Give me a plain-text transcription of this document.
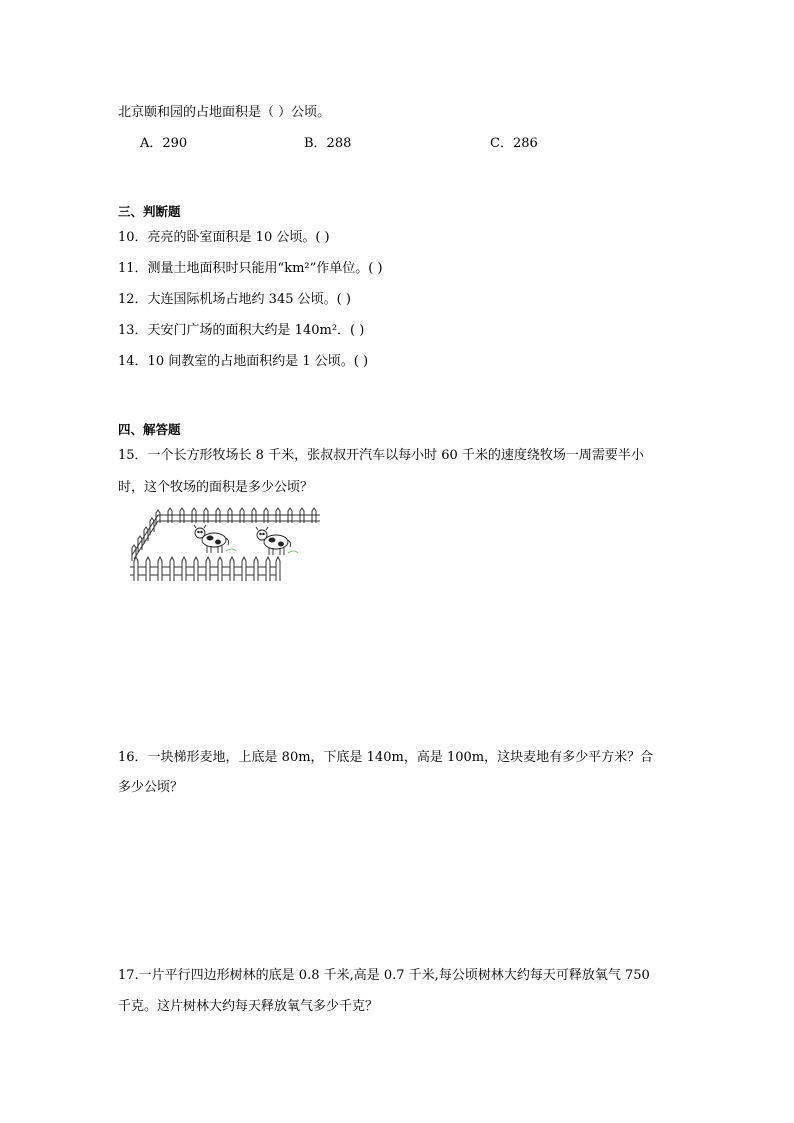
北京颐和园的占地面积是（ ）公顷。
A．290	B．288	C．286
三、判断题
10．亮亮的卧室面积是 10 公顷。( )
11．测量土地面积时只能用“km²”作单位。( )
12．大连国际机场占地约 345 公顷。( )
13．天安门广场的面积大约是 140m²．( )
14．10 间教室的占地面积约是 1 公顷。( )
四、解答题
15．一个长方形牧场长 8 千米，张叔叔开汽车以每小时 60 千米的速度绕牧场一周需要半小
时，这个牧场的面积是多少公顷？
16．一块梯形麦地，上底是 80m，下底是 140m，高是 100m，这块麦地有多少平方米？合
多少公顷？
17.一片平行四边形树林的底是 0.8 千米,高是 0.7 千米,每公顷树林大约每天可释放氧气 750
千克。这片树林大约每天释放氧气多少千克？
